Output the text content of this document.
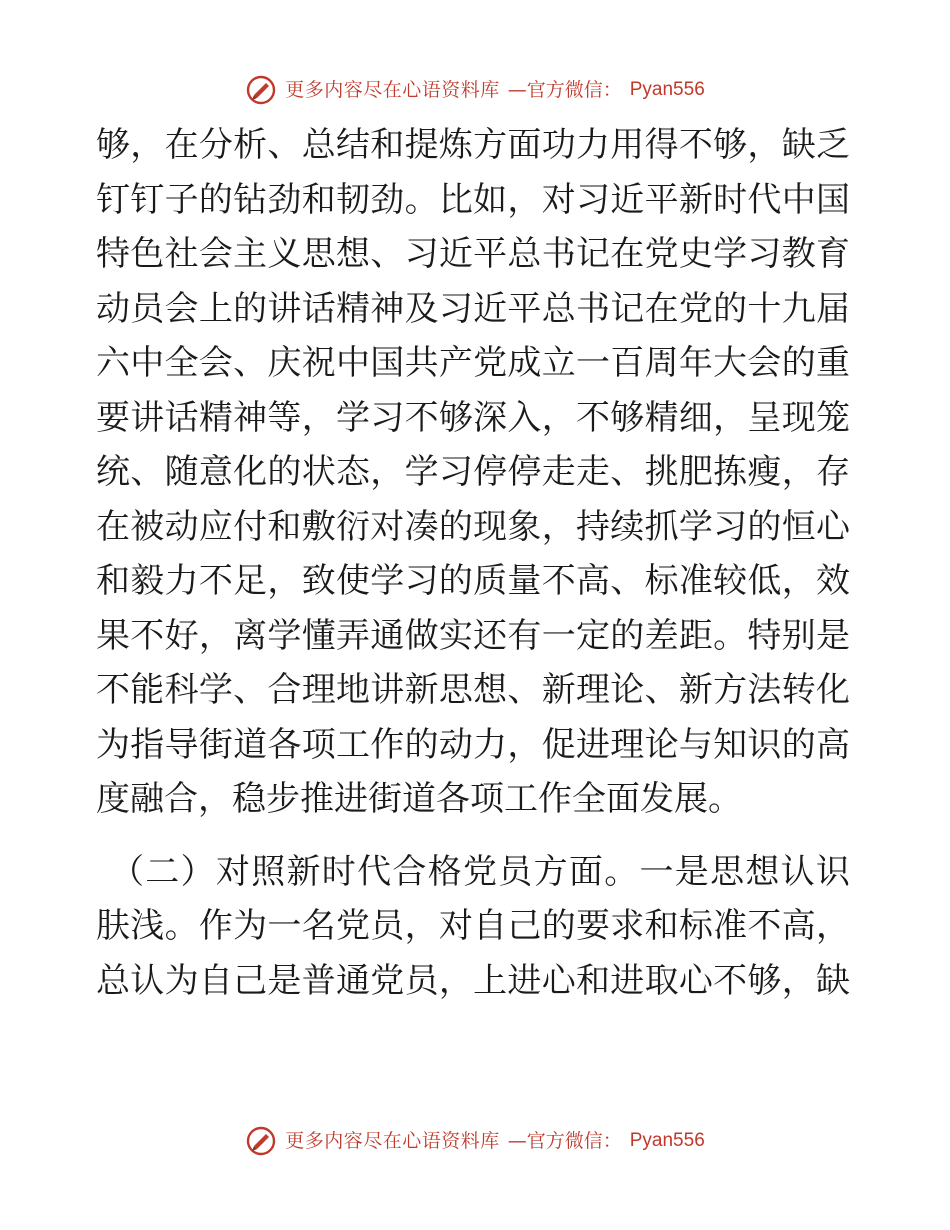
更多内容尽在心语资料库 —官方微信： Pyan556
够，在分析、总结和提炼方面功力用得不够，缺乏
钉钉子的钻劲和韧劲。比如，对习近平新时代中国
特色社会主义思想、习近平总书记在党史学习教育
动员会上的讲话精神及习近平总书记在党的十九届
六中全会、庆祝中国共产党成立一百周年大会的重
要讲话精神等，学习不够深入，不够精细，呈现笼
统、随意化的状态，学习停停走走、挑肥拣瘦，存
在被动应付和敷衍对凑的现象，持续抓学习的恒心
和毅力不足，致使学习的质量不高、标准较低，效
果不好，离学懂弄通做实还有一定的差距。特别是
不能科学、合理地讲新思想、新理论、新方法转化
为指导街道各项工作的动力，促进理论与知识的高
度融合，稳步推进街道各项工作全面发展。
（二）对照新时代合格党员方面。一是思想认识
肤浅。作为一名党员，对自己的要求和标准不高，
总认为自己是普通党员，上进心和进取心不够，缺
更多内容尽在心语资料库 —官方微信： Pyan556
